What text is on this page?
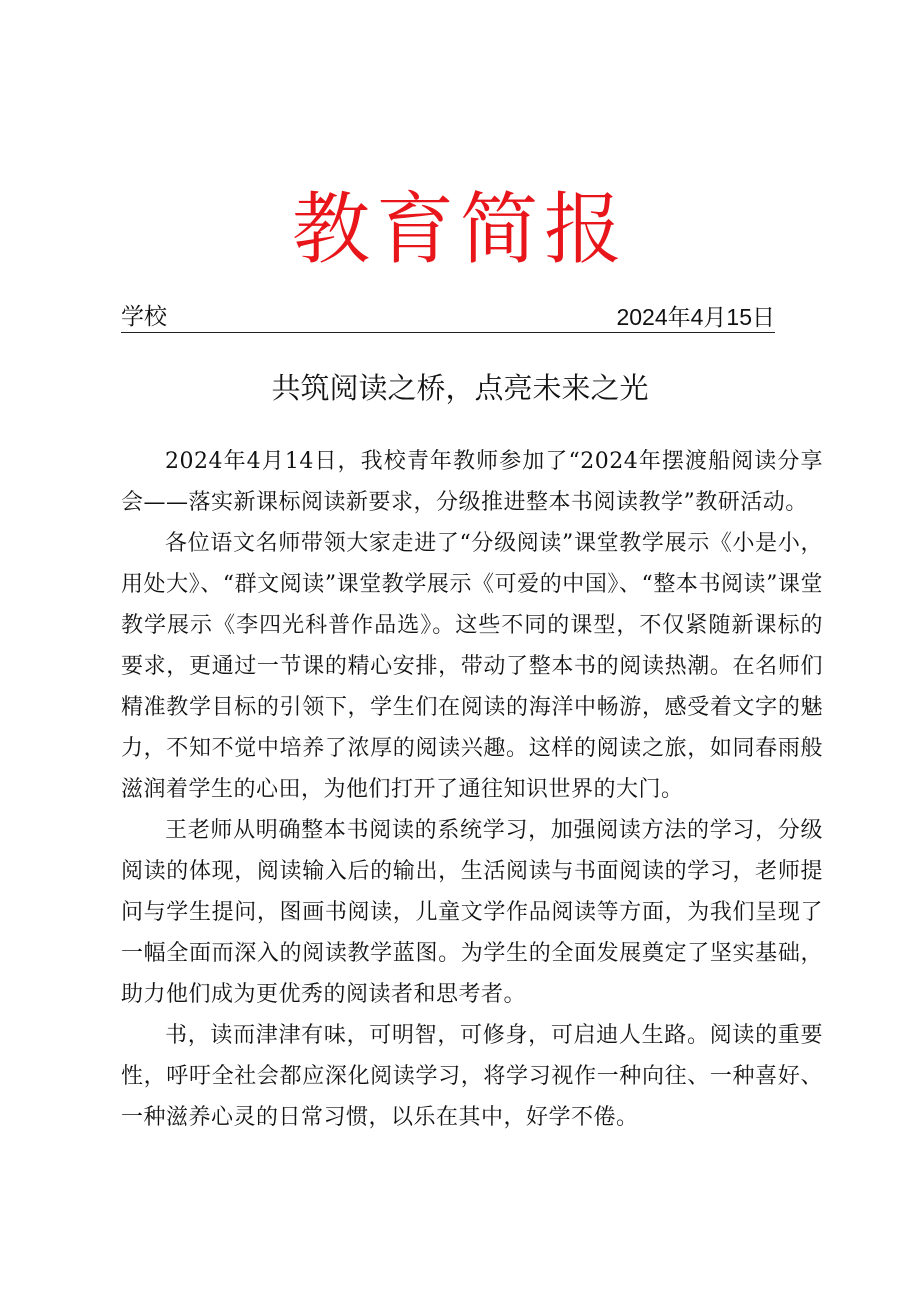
教育简报
学校	2024年4月15日
共筑阅读之桥，点亮未来之光

2024年4月14日，我校青年教师参加了“2024年摆渡船阅读分享会——落实新课标阅读新要求，分级推进整本书阅读教学”教研活动。

各位语文名师带领大家走进了“分级阅读”课堂教学展示《小是小，用处大》、“群文阅读”课堂教学展示《可爱的中国》、“整本书阅读”课堂教学展示《李四光科普作品选》。这些不同的课型，不仅紧随新课标的要求，更通过一节课的精心安排，带动了整本书的阅读热潮。在名师们精准教学目标的引领下，学生们在阅读的海洋中畅游，感受着文字的魅力，不知不觉中培养了浓厚的阅读兴趣。这样的阅读之旅，如同春雨般滋润着学生的心田，为他们打开了通往知识世界的大门。

王老师从明确整本书阅读的系统学习，加强阅读方法的学习，分级阅读的体现，阅读输入后的输出，生活阅读与书面阅读的学习，老师提问与学生提问，图画书阅读，儿童文学作品阅读等方面，为我们呈现了一幅全面而深入的阅读教学蓝图。为学生的全面发展奠定了坚实基础，助力他们成为更优秀的阅读者和思考者。

书，读而津津有味，可明智，可修身，可启迪人生路。阅读的重要性，呼吁全社会都应深化阅读学习，将学习视作一种向往、一种喜好、一种滋养心灵的日常习惯，以乐在其中，好学不倦。
